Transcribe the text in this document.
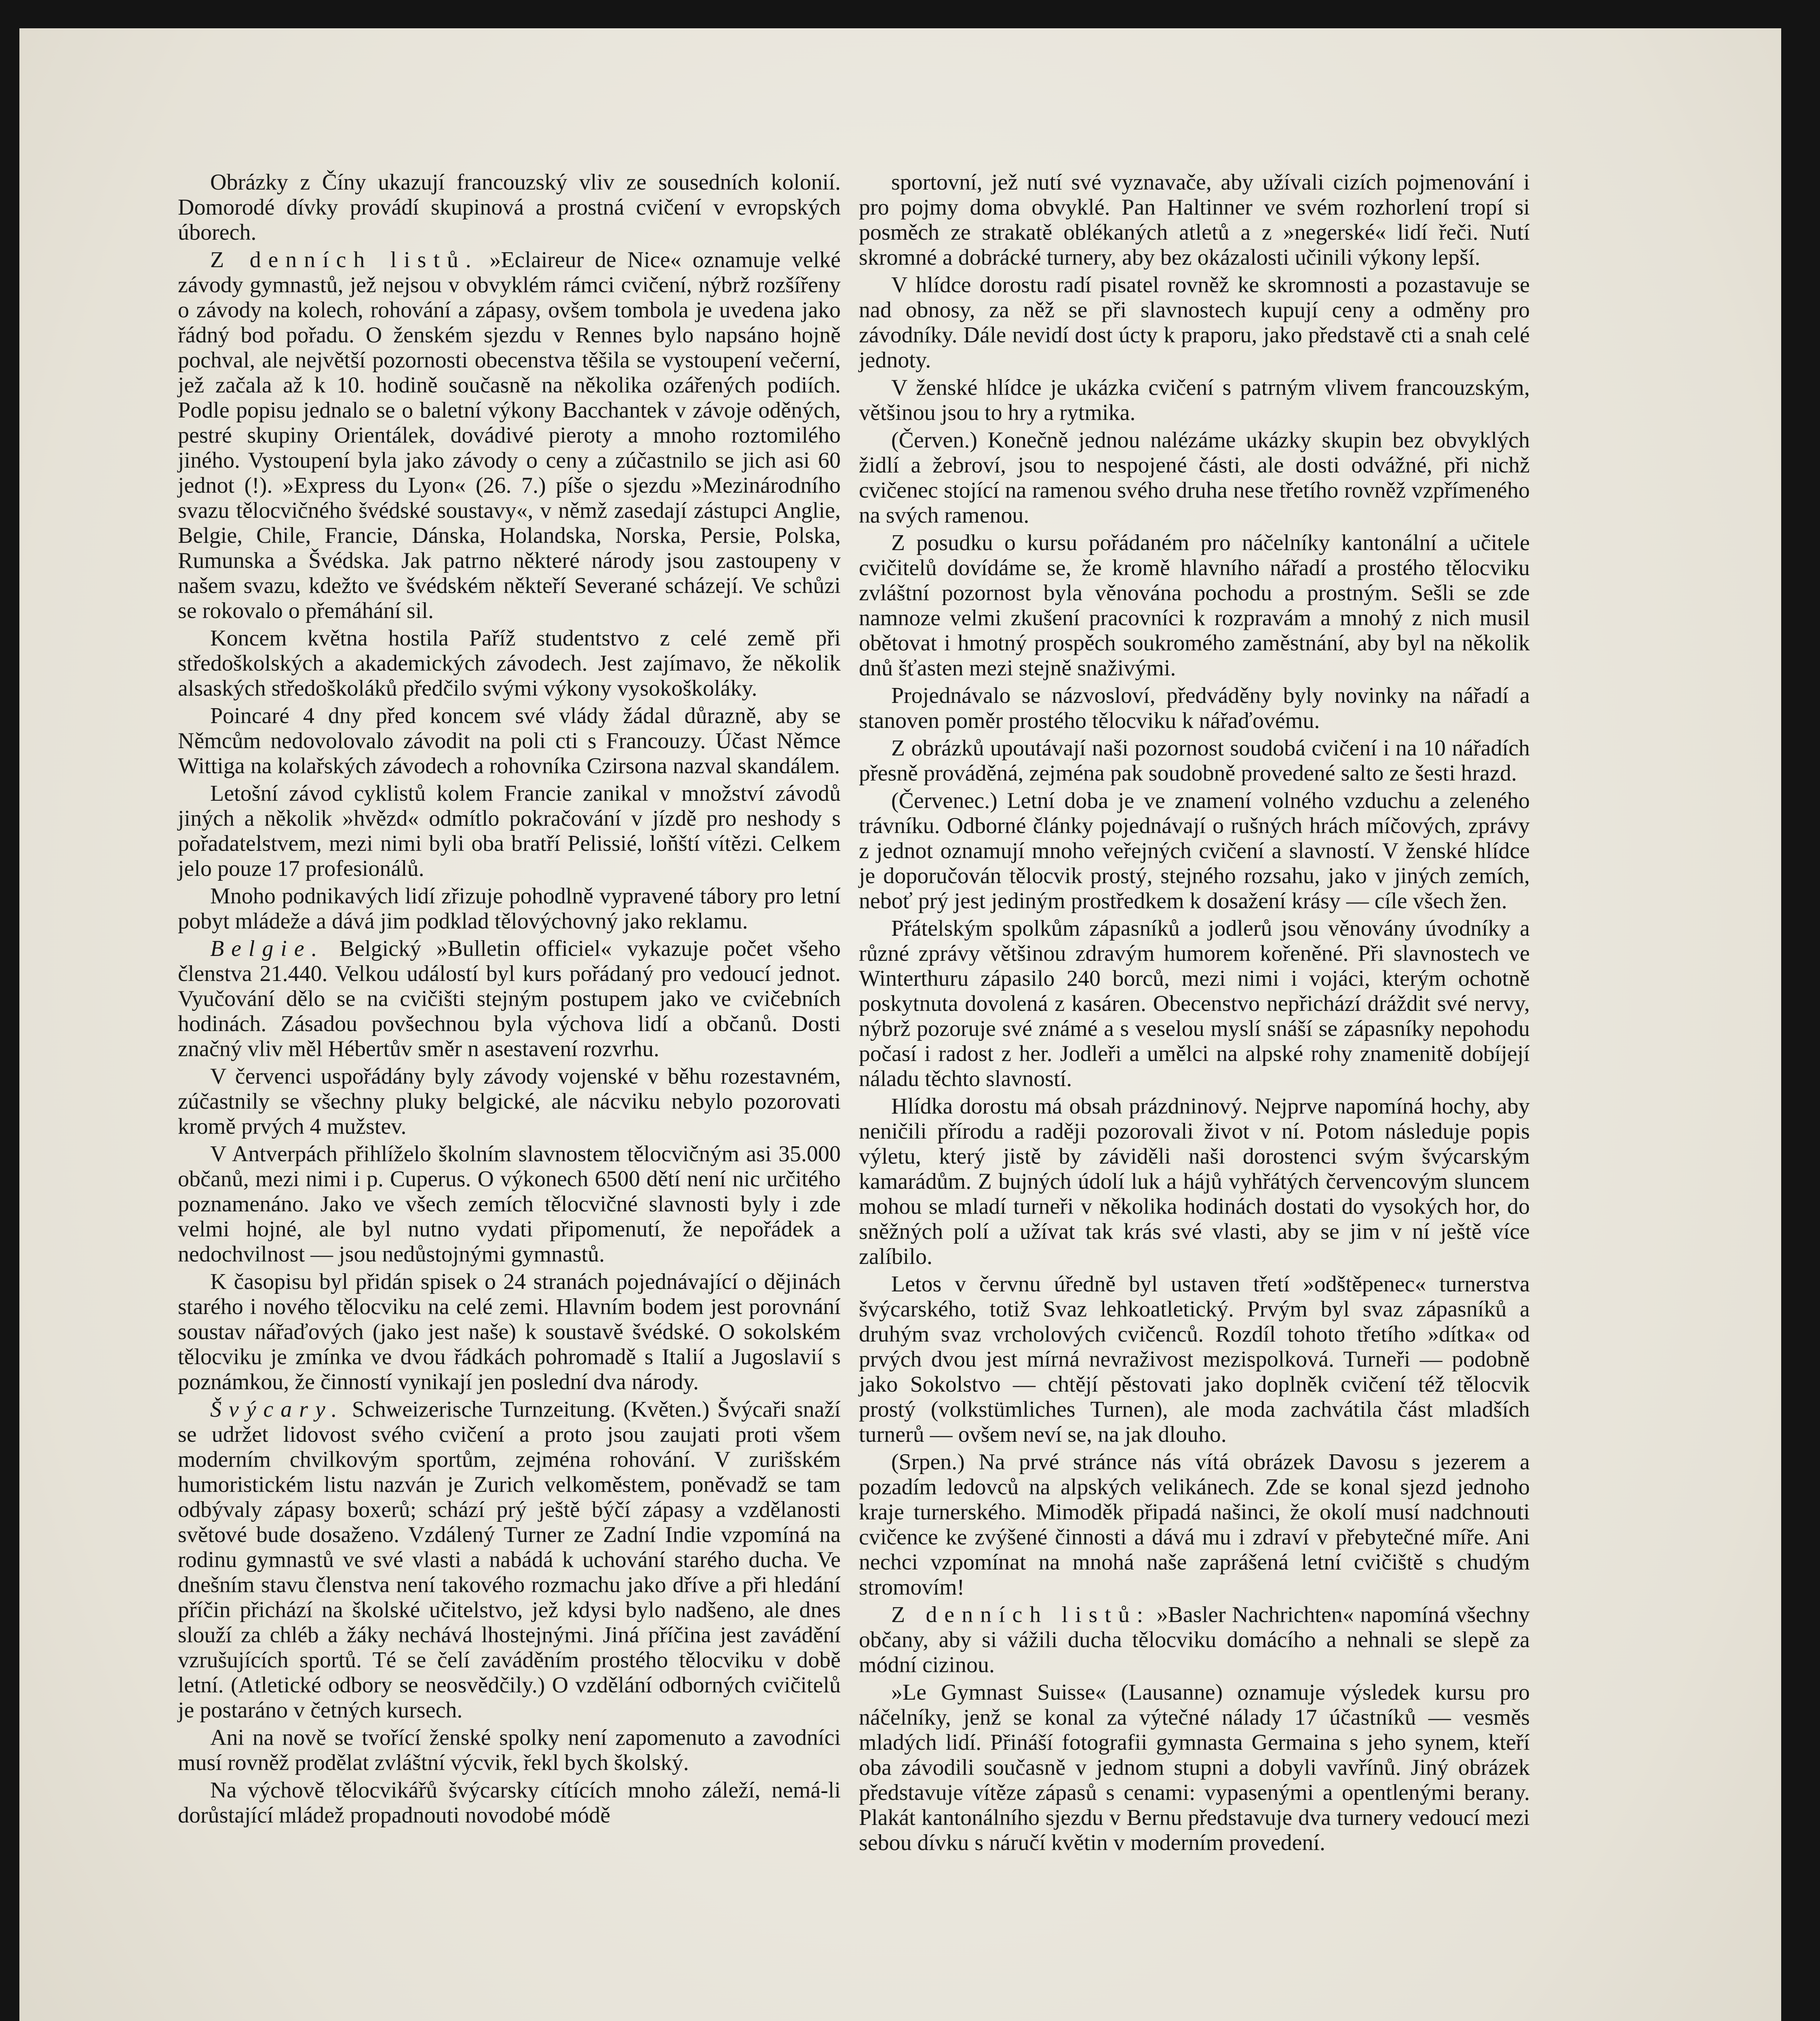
Obrázky z Číny ukazují francouzský vliv ze sousedních kolonií. Domorodé dívky provádí skupinová a prostná cvičení v evropských úborech.

Z denních listů. »Eclaireur de Nice« oznamuje velké závody gymnastů, jež nejsou v obvyklém rámci cvičení, nýbrž rozšířeny o závody na kolech, rohování a zápasy, ovšem tombola je uvedena jako řádný bod pořadu. O ženském sjezdu v Rennes bylo napsáno hojně pochval, ale největší pozornosti obecenstva těšila se vystoupení večerní, jež začala až k 10. hodině současně na několika ozářených podiích. Podle popisu jednalo se o baletní výkony Bacchantek v závoje oděných, pestré skupiny Orientálek, dovádivé pieroty a mnoho roztomilého jiného. Vystoupení byla jako závody o ceny a zúčastnilo se jich asi 60 jednot (!). »Express du Lyon« (26. 7.) píše o sjezdu »Mezinárodního svazu tělocvičného švédské soustavy«, v němž zasedají zástupci Anglie, Belgie, Chile, Francie, Dánska, Holandska, Norska, Persie, Polska, Rumunska a Švédska. Jak patrno některé národy jsou zastoupeny v našem svazu, kdežto ve švédském někteří Severané scházejí. Ve schůzi se rokovalo o přemáhání sil.

Koncem května hostila Paříž studentstvo z celé země při středoškolských a akademických závodech. Jest zajímavo, že několik alsaských středoškoláků předčilo svými výkony vysokoškoláky.

Poincaré 4 dny před koncem své vlády žádal důrazně, aby se Němcům nedovolovalo závodit na poli cti s Francouzy. Účast Němce Wittiga na kolařských závodech a rohovníka Czirsona nazval skandálem.

Letošní závod cyklistů kolem Francie zanikal v množství závodů jiných a několik »hvězd« odmítlo pokračování v jízdě pro neshody s pořadatelstvem, mezi nimi byli oba bratří Pelissié, loňští vítězi. Celkem jelo pouze 17 profesionálů.

Mnoho podnikavých lidí zřizuje pohodlně vypravené tábory pro letní pobyt mládeže a dává jim podklad tělovýchovný jako reklamu.

Belgie. Belgický »Bulletin officiel« vykazuje počet všeho členstva 21.440. Velkou událostí byl kurs pořádaný pro vedoucí jednot. Vyučování dělo se na cvičišti stejným postupem jako ve cvičebních hodinách. Zásadou povšechnou byla výchova lidí a občanů. Dosti značný vliv měl Hébertův směr n asestavení rozvrhu.

V červenci uspořádány byly závody vojenské v běhu rozestavném, zúčastnily se všechny pluky belgické, ale nácviku nebylo pozorovati kromě prvých 4 mužstev.

V Antverpách přihlíželo školním slavnostem tělocvičným asi 35.000 občanů, mezi nimi i p. Cuperus. O výkonech 6500 dětí není nic určitého poznamenáno. Jako ve všech zemích tělocvičné slavnosti byly i zde velmi hojné, ale byl nutno vydati připomenutí, že nepořádek a nedochvilnost — jsou nedůstojnými gymnastů.

K časopisu byl přidán spisek o 24 stranách pojednávající o dějinách starého i nového tělocviku na celé zemi. Hlavním bodem jest porovnání soustav nářaďových (jako jest naše) k soustavě švédské. O sokolském tělocviku je zmínka ve dvou řádkách pohromadě s Italií a Jugoslavií s poznámkou, že činností vynikají jen poslední dva národy.

Švýcary. Schweizerische Turnzeitung. (Květen.) Švýcaři snaží se udržet lidovost svého cvičení a proto jsou zaujati proti všem moderním chvilkovým sportům, zejména rohování. V zurišském humoristickém listu nazván je Zurich velkoměstem, poněvadž se tam odbývaly zápasy boxerů; schází prý ještě býčí zápasy a vzdělanosti světové bude dosaženo. Vzdálený Turner ze Zadní Indie vzpomíná na rodinu gymnastů ve své vlasti a nabádá k uchování starého ducha. Ve dnešním stavu členstva není takového rozmachu jako dříve a při hledání příčin přichází na školské učitelstvo, jež kdysi bylo nadšeno, ale dnes slouží za chléb a žáky nechává lhostejnými. Jiná příčina jest zavádění vzrušujících sportů. Té se čelí zaváděním prostého tělocviku v době letní. (Atletické odbory se neosvědčily.) O vzdělání odborných cvičitelů je postaráno v četných kursech.

Ani na nově se tvořící ženské spolky není zapomenuto a zavodníci musí rovněž prodělat zvláštní výcvik, řekl bych školský.

Na výchově tělocvikářů švýcarsky cítících mnoho záleží, nemá-li dorůstající mládež propadnouti novodobé módě

sportovní, jež nutí své vyznavače, aby užívali cizích pojmenování i pro pojmy doma obvyklé. Pan Haltinner ve svém rozhorlení tropí si posměch ze strakatě oblékaných atletů a z »negerské« lidí řeči. Nutí skromné a dobrácké turnery, aby bez okázalosti učinili výkony lepší.

V hlídce dorostu radí pisatel rovněž ke skromnosti a pozastavuje se nad obnosy, za něž se při slavnostech kupují ceny a odměny pro závodníky. Dále nevidí dost úcty k praporu, jako představě cti a snah celé jednoty.

V ženské hlídce je ukázka cvičení s patrným vlivem francouzským, většinou jsou to hry a rytmika.

(Červen.) Konečně jednou nalézáme ukázky skupin bez obvyklých židlí a žebroví, jsou to nespojené části, ale dosti odvážné, při nichž cvičenec stojící na ramenou svého druha nese třetího rovněž vzpřímeného na svých ramenou.

Z posudku o kursu pořádaném pro náčelníky kantonální a učitele cvičitelů dovídáme se, že kromě hlavního nářadí a prostého tělocviku zvláštní pozornost byla věnována pochodu a prostným. Sešli se zde namnoze velmi zkušení pracovníci k rozpravám a mnohý z nich musil obětovat i hmotný prospěch soukromého zaměstnání, aby byl na několik dnů šťasten mezi stejně snaživými.

Projednávalo se názvosloví, předváděny byly novinky na nářadí a stanoven poměr prostého tělocviku k nářaďovému.

Z obrázků upoutávají naši pozornost soudobá cvičení i na 10 nářadích přesně prováděná, zejména pak soudobně provedené salto ze šesti hrazd.

(Červenec.) Letní doba je ve znamení volného vzduchu a zeleného trávníku. Odborné články pojednávají o rušných hrách míčových, zprávy z jednot oznamují mnoho veřejných cvičení a slavností. V ženské hlídce je doporučován tělocvik prostý, stejného rozsahu, jako v jiných zemích, neboť prý jest jediným prostředkem k dosažení krásy — cíle všech žen.

Přátelským spolkům zápasníků a jodlerů jsou věnovány úvodníky a různé zprávy většinou zdravým humorem kořeněné. Při slavnostech ve Winterthuru zápasilo 240 borců, mezi nimi i vojáci, kterým ochotně poskytnuta dovolená z kasáren. Obecenstvo nepřichází dráždit své nervy, nýbrž pozoruje své známé a s veselou myslí snáší se zápasníky nepohodu počasí i radost z her. Jodleři a umělci na alpské rohy znamenitě dobíjejí náladu těchto slavností.

Hlídka dorostu má obsah prázdninový. Nejprve napomíná hochy, aby neničili přírodu a raději pozorovali život v ní. Potom následuje popis výletu, který jistě by záviděli naši dorostenci svým švýcarským kamarádům. Z bujných údolí luk a hájů vyhřátých červencovým sluncem mohou se mladí turneři v několika hodinách dostati do vysokých hor, do sněžných polí a užívat tak krás své vlasti, aby se jim v ní ještě více zalíbilo.

Letos v červnu úředně byl ustaven třetí »odštěpenec« turnerstva švýcarského, totiž Svaz lehkoatletický. Prvým byl svaz zápasníků a druhým svaz vrcholových cvičenců. Rozdíl tohoto třetího »dítka« od prvých dvou jest mírná nevraživost mezispolková. Turneři — podobně jako Sokolstvo — chtějí pěstovati jako doplněk cvičení též tělocvik prostý (volkstümliches Turnen), ale moda zachvátila část mladších turnerů — ovšem neví se, na jak dlouho.

(Srpen.) Na prvé stránce nás vítá obrázek Davosu s jezerem a pozadím ledovců na alpských velikánech. Zde se konal sjezd jednoho kraje turnerského. Mimoděk připadá našinci, že okolí musí nadchnouti cvičence ke zvýšené činnosti a dává mu i zdraví v přebytečné míře. Ani nechci vzpomínat na mnohá naše zaprášená letní cvičiště s chudým stromovím!

Z denních listů: »Basler Nachrichten« napomíná všechny občany, aby si vážili ducha tělocviku domácího a nehnali se slepě za módní cizinou.

»Le Gymnast Suisse« (Lausanne) oznamuje výsledek kursu pro náčelníky, jenž se konal za výtečné nálady 17 účastníků — vesměs mladých lidí. Přináší fotografii gymnasta Germaina s jeho synem, kteří oba závodili současně v jednom stupni a dobyli vavřínů. Jiný obrázek představuje vítěze zápasů s cenami: vypasenými a opentlenými berany. Plakát kantonálního sjezdu v Bernu představuje dva turnery vedoucí mezi sebou dívku s náručí květin v moderním provedení.
